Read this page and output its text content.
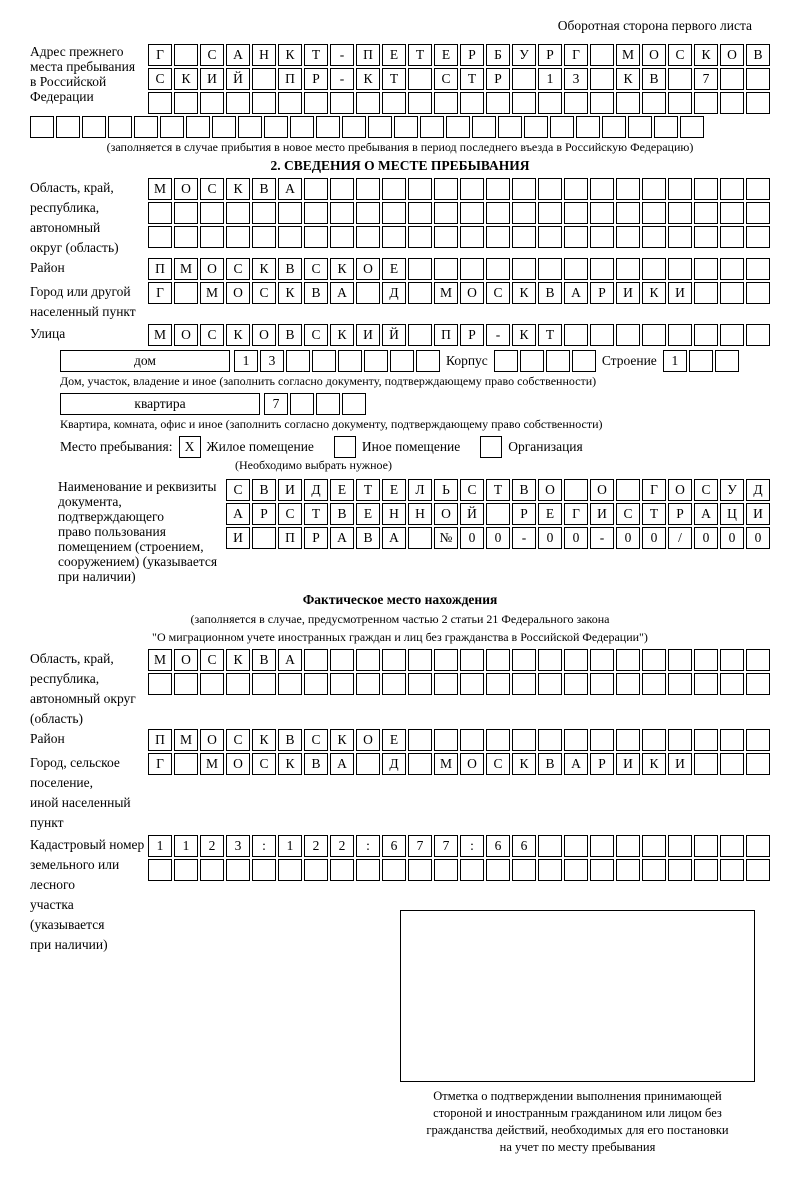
Оборотная сторона первого листа
Адрес прежнего
места пребывания
в Российской
Федерации
Г	С	А	Н	К	Т	-	П	Е	Т	Е	Р	Б	У	Р	Г	М	О	С	К	О	В
С	К	И	Й	П	Р	-	К	Т	С	Т	Р	1	3	К	В	7
(заполняется в случае прибытия в новое место пребывания в период последнего въезда в Российскую Федерацию)
2. СВЕДЕНИЯ О МЕСТЕ ПРЕБЫВАНИЯ
Область, край,
республика,
автономный
округ (область)
М	О	С	К	В	А
Район	П	М	О	С	К	В	С	К	О	Е
Город или другой
населенный пункт
Г	М	О	С	К	В	А	Д	М	О	С	К	В	А	Р	И	К	И
Улица	М	О	С	К	О	В	С	К	И	Й	П	Р	-	К	Т
дом	1	3	Корпус	Строение	1
Дом, участок, владение и иное (заполнить согласно документу, подтверждающему право собственности)
квартира	7
Квартира, комната, офис и иное (заполнить согласно документу, подтверждающему право собственности)
Место пребывания: Х Жилое помещение	Иное помещение	Организация
(Необходимо выбрать нужное)
Наименование и реквизиты
документа, подтверждающего
право пользования
помещением (строением,
сооружением) (указывается
при наличии)
С	В	И	Д	Е	Т	Е	Л	Ь	С	Т	В	О	О	Г	О	С	У	Д
А	Р	С	Т	В	Е	Н	Н	О	Й	Р	Е	Г	И	С	Т	Р	А	Ц	И
И	П	Р	А	В	А	№	0	0	-	0	0	-	0	0	/	0	0	0
Фактическое место нахождения
(заполняется в случае, предусмотренном частью 2 статьи 21 Федерального закона
"О миграционном учете иностранных граждан и лиц без гражданства в Российской Федерации")
Область, край,
республика,
автономный округ
(область)
М	О	С	К	В	А
Район	П	М	О	С	К	В	С	К	О	Е
Город, сельское поселение,
иной населенный пункт
Г	М	О	С	К	В	А	Д	М	О	С	К	В	А	Р	И	К	И
Кадастровый номер
земельного или лесного
участка (указывается
при наличии)
1	1	2	3	:	1	2	2	:	6	7	7	:	6	6
Отметка о подтверждении выполнения принимающей
стороной и иностранным гражданином или лицом без
гражданства действий, необходимых для его постановки
на учет по месту пребывания
